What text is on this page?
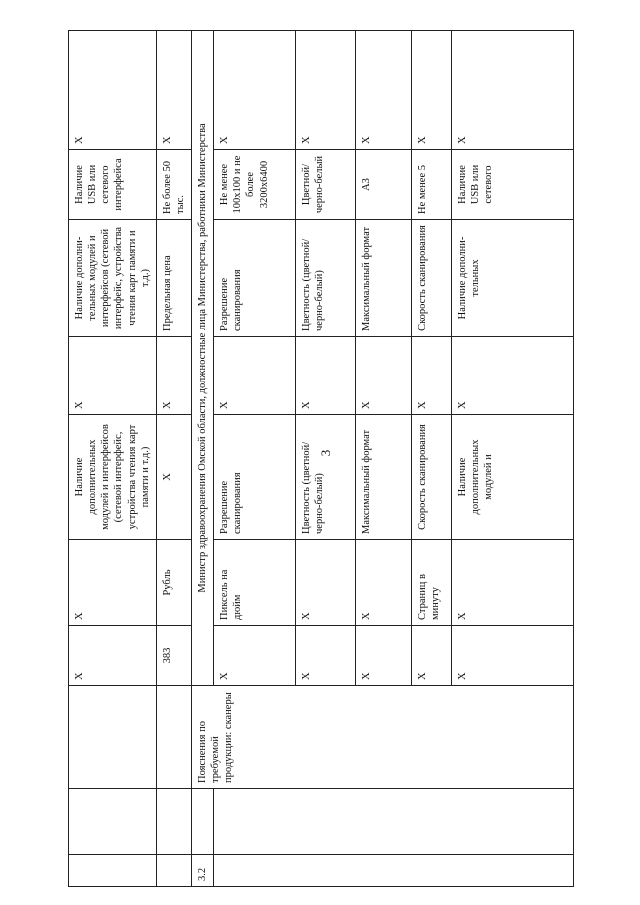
3
			X	X	Наличие дополнительных модулей и интерфейсов (сетевой интерфейс, устройства чтения карт памяти и т.д.)	X	Наличие дополни-тельных модулей и интерфейсов (сетевой интерфейс, устройства чтения карт памяти и т.д.)	Наличие USB или сетевого интерфейса	X
			383	Рубль	X	X	Предельная цена	Не более 50 тыс.	X
3.2		Пояснения по требуемой продукции: сканеры	Министр здравоохранения Омской области, должностные лица Министерства, работники Министерства						
			X	Пиксель на дюйм	Разрешение сканирования	X	Разрешение сканирования	Не менее 100x100 и не более 3200x6400	X
			X	X	Цветность (цветной/черно-белый)	X	Цветность (цветной/черно-белый)	Цветной/черно-белый	X
			X	X	Максимальный формат	X	Максимальный формат	A3	X
			X	Страниц в минуту	Скорость сканирования	X	Скорость сканирования	Не менее 5	X
			X	X	Наличие дополнительных модулей и	X	Наличие дополни-тельных	Наличие USB или сетевого	X
